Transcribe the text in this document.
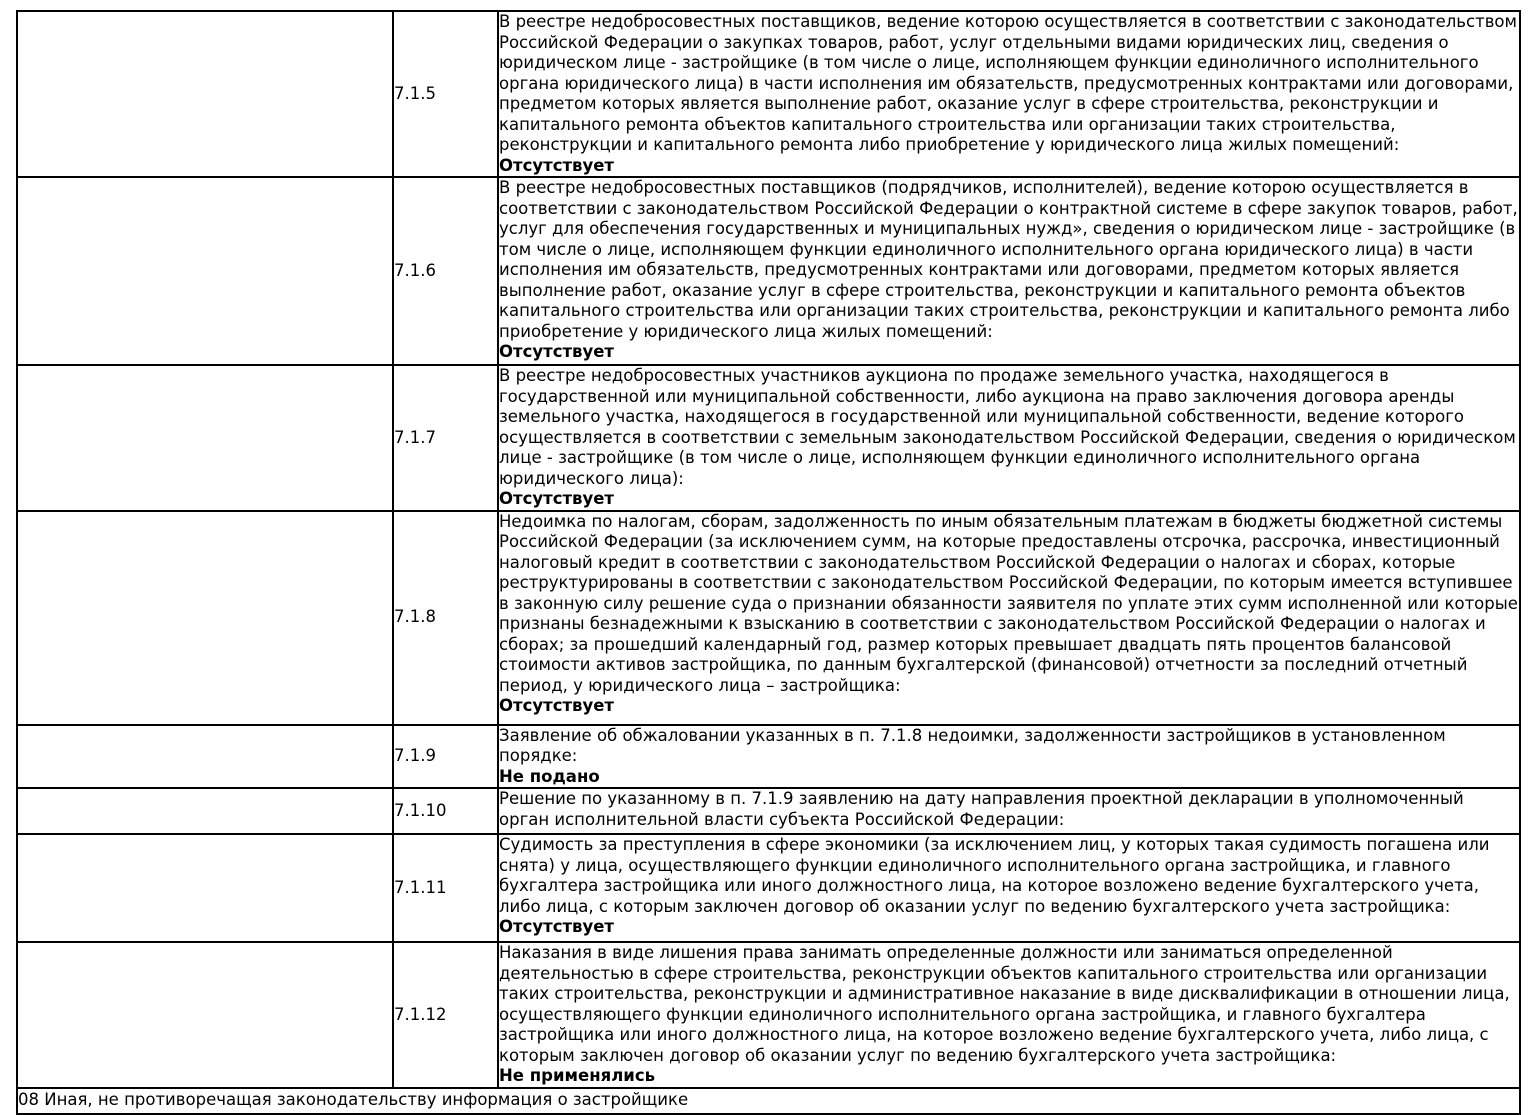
	7.1.5	В реестре недобросовестных поставщиков, ведение которою осуществляется в соответствии с законодательством Российской Федерации о закупках товаров, работ, услуг отдельными видами юридических лиц, сведения о юридическом лице - застройщике (в том числе о лице, исполняющем функции единоличного исполнительного органа юридического лица) в части исполнения им обязательств, предусмотренных контрактами или договорами, предметом которых является выполнение работ, оказание услуг в сфере строительства, реконструкции и капитального ремонта объектов капитального строительства или организации таких строительства, реконструкции и капитального ремонта либо приобретение у юридического лица жилых помещений:
Отсутствует

	7.1.6	В реестре недобросовестных поставщиков (подрядчиков, исполнителей), ведение которою осуществляется в соответствии с законодательством Российской Федерации о контрактной системе в сфере закупок товаров, работ, услуг для обеспечения государственных и муниципальных нужд», сведения о юридическом лице - застройщике (в том числе о лице, исполняющем функции единоличного исполнительного органа юридического лица) в части исполнения им обязательств, предусмотренных контрактами или договорами, предметом которых является выполнение работ, оказание услуг в сфере строительства, реконструкции и капитального ремонта объектов капитального строительства или организации таких строительства, реконструкции и капитального ремонта либо приобретение у юридического лица жилых помещений:
Отсутствует

	7.1.7	В реестре недобросовестных участников аукциона по продаже земельного участка, находящегося в государственной или муниципальной собственности, либо аукциона на право заключения договора аренды земельного участка, находящегося в государственной или муниципальной собственности, ведение которого осуществляется в соответствии с земельным законодательством Российской Федерации, сведения о юридическом лице - застройщике (в том числе о лице, исполняющем функции единоличного исполнительного органа юридического лица):
Отсутствует

	7.1.8	Недоимка по налогам, сборам, задолженность по иным обязательным платежам в бюджеты бюджетной системы Российской Федерации (за исключением сумм, на которые предоставлены отсрочка, рассрочка, инвестиционный налоговый кредит в соответствии с законодательством Российской Федерации о налогах и сборах, которые реструктурированы в соответствии с законодательством Российской Федерации, по которым имеется вступившее в законную силу решение суда о признании обязанности заявителя по уплате этих сумм исполненной или которые признаны безнадежными к взысканию в соответствии с законодательством Российской Федерации о налогах и сборах; за прошедший календарный год, размер которых превышает двадцать пять процентов балансовой стоимости активов застройщика, по данным бухгалтерской (финансовой) отчетности за последний отчетный период, у юридического лица – застройщика:
Отсутствует

	7.1.9	Заявление об обжаловании указанных в п. 7.1.8 недоимки, задолженности застройщиков в установленном порядке:
Не подано

	7.1.10	Решение по указанному в п. 7.1.9 заявлению на дату направления проектной декларации в уполномоченный орган исполнительной власти субъекта Российской Федерации:
	7.1.11	Судимость за преступления в сфере экономики (за исключением лиц, у которых такая судимость погашена или снята) у лица, осуществляющего функции единоличного исполнительного органа застройщика, и главного бухгалтера застройщика или иного должностного лица, на которое возложено ведение бухгалтерского учета, либо лица, с которым заключен договор об оказании услуг по ведению бухгалтерского учета застройщика:
Отсутствует

	7.1.12	Наказания в виде лишения права занимать определенные должности или заниматься определенной деятельностью в сфере строительства, реконструкции объектов капитального строительства или организации таких строительства, реконструкции и административное наказание в виде дисквалификации в отношении лица, осуществляющего функции единоличного исполнительного органа застройщика, и главного бухгалтера застройщика или иного должностного лица, на которое возложено ведение бухгалтерского учета, либо лица, с которым заключен договор об оказании услуг по ведению бухгалтерского учета застройщика:
Не применялись

08 Иная, не противоречащая законодательству информация о застройщике		
